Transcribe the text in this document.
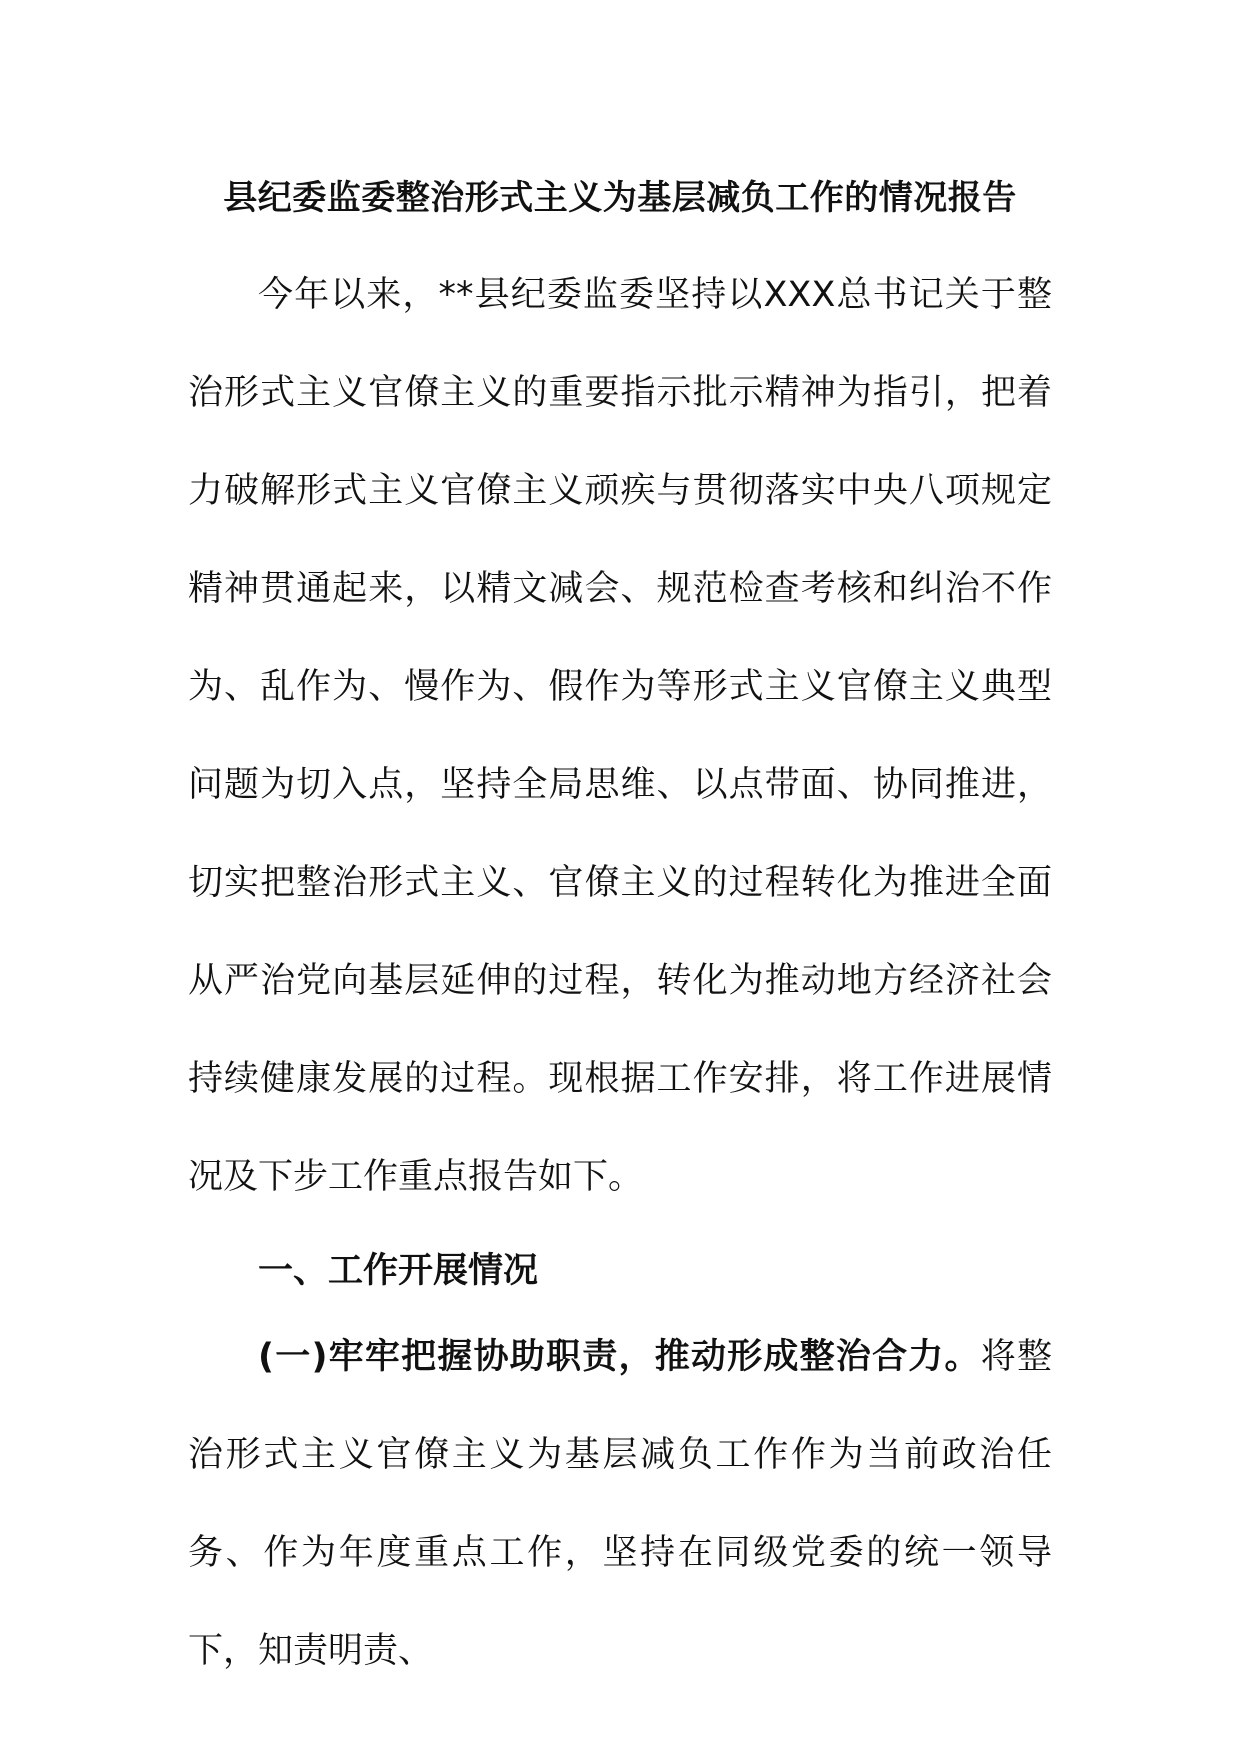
县纪委监委整治形式主义为基层减负工作的情况报告

今年以来，**县纪委监委坚持以XXX总书记关于整治形式主义官僚主义的重要指示批示精神为指引，把着力破解形式主义官僚主义顽疾与贯彻落实中央八项规定精神贯通起来，以精文减会、规范检查考核和纠治不作为、乱作为、慢作为、假作为等形式主义官僚主义典型问题为切入点，坚持全局思维、以点带面、协同推进，切实把整治形式主义、官僚主义的过程转化为推进全面从严治党向基层延伸的过程，转化为推动地方经济社会持续健康发展的过程。现根据工作安排，将工作进展情况及下步工作重点报告如下。

一、工作开展情况

(一)牢牢把握协助职责，推动形成整治合力。将整治形式主义官僚主义为基层减负工作作为当前政治任务、作为年度重点工作，坚持在同级党委的统一领导下，知责明责、
